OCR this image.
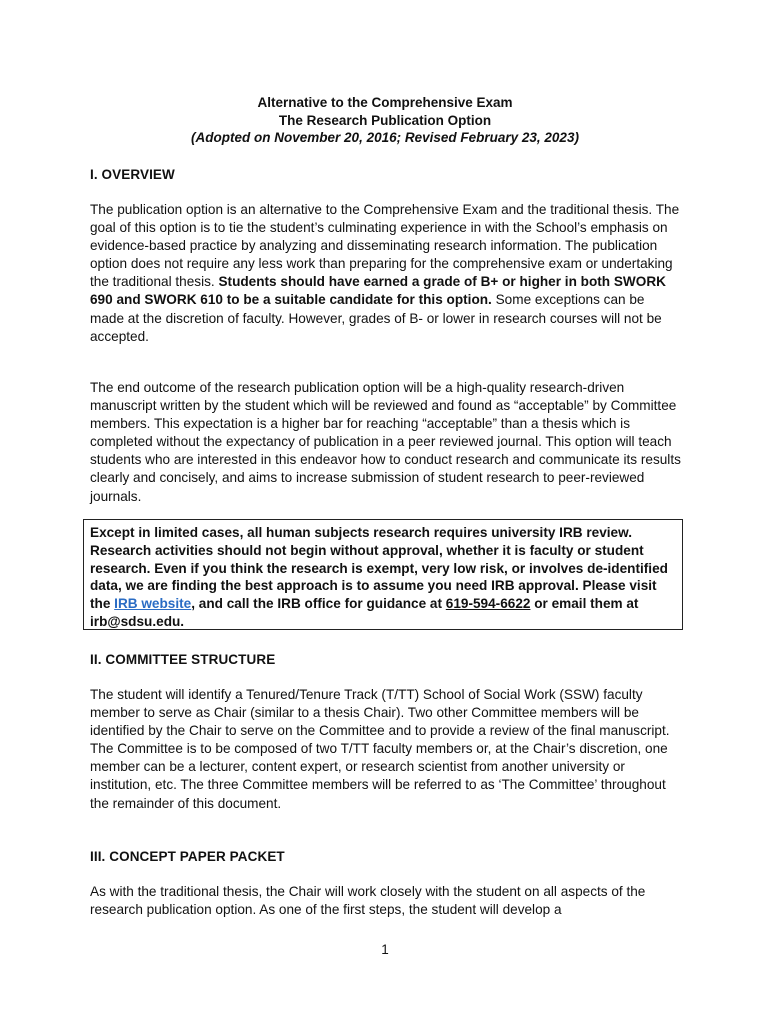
Alternative to the Comprehensive Exam
The Research Publication Option
(Adopted on November 20, 2016; Revised February 23, 2023)
I. OVERVIEW
The publication option is an alternative to the Comprehensive Exam and the traditional thesis. The goal of this option is to tie the student’s culminating experience in with the School’s emphasis on evidence-based practice by analyzing and disseminating research information. The publication option does not require any less work than preparing for the comprehensive exam or undertaking the traditional thesis. Students should have earned a grade of B+ or higher in both SWORK 690 and SWORK 610 to be a suitable candidate for this option. Some exceptions can be made at the discretion of faculty. However, grades of B- or lower in research courses will not be accepted.
The end outcome of the research publication option will be a high-quality research-driven manuscript written by the student which will be reviewed and found as “acceptable” by Committee members. This expectation is a higher bar for reaching “acceptable” than a thesis which is completed without the expectancy of publication in a peer reviewed journal. This option will teach students who are interested in this endeavor how to conduct research and communicate its results clearly and concisely, and aims to increase submission of student research to peer-reviewed journals.
Except in limited cases, all human subjects research requires university IRB review. Research activities should not begin without approval, whether it is faculty or student research. Even if you think the research is exempt, very low risk, or involves de-identified data, we are finding the best approach is to assume you need IRB approval. Please visit the IRB website, and call the IRB office for guidance at 619-594-6622 or email them at irb@sdsu.edu.
II. COMMITTEE STRUCTURE
The student will identify a Tenured/Tenure Track (T/TT) School of Social Work (SSW) faculty member to serve as Chair (similar to a thesis Chair). Two other Committee members will be identified by the Chair to serve on the Committee and to provide a review of the final manuscript. The Committee is to be composed of two T/TT faculty members or, at the Chair’s discretion, one member can be a lecturer, content expert, or research scientist from another university or institution, etc. The three Committee members will be referred to as ‘The Committee’ throughout the remainder of this document.
III. CONCEPT PAPER PACKET
As with the traditional thesis, the Chair will work closely with the student on all aspects of the research publication option. As one of the first steps, the student will develop a
1
